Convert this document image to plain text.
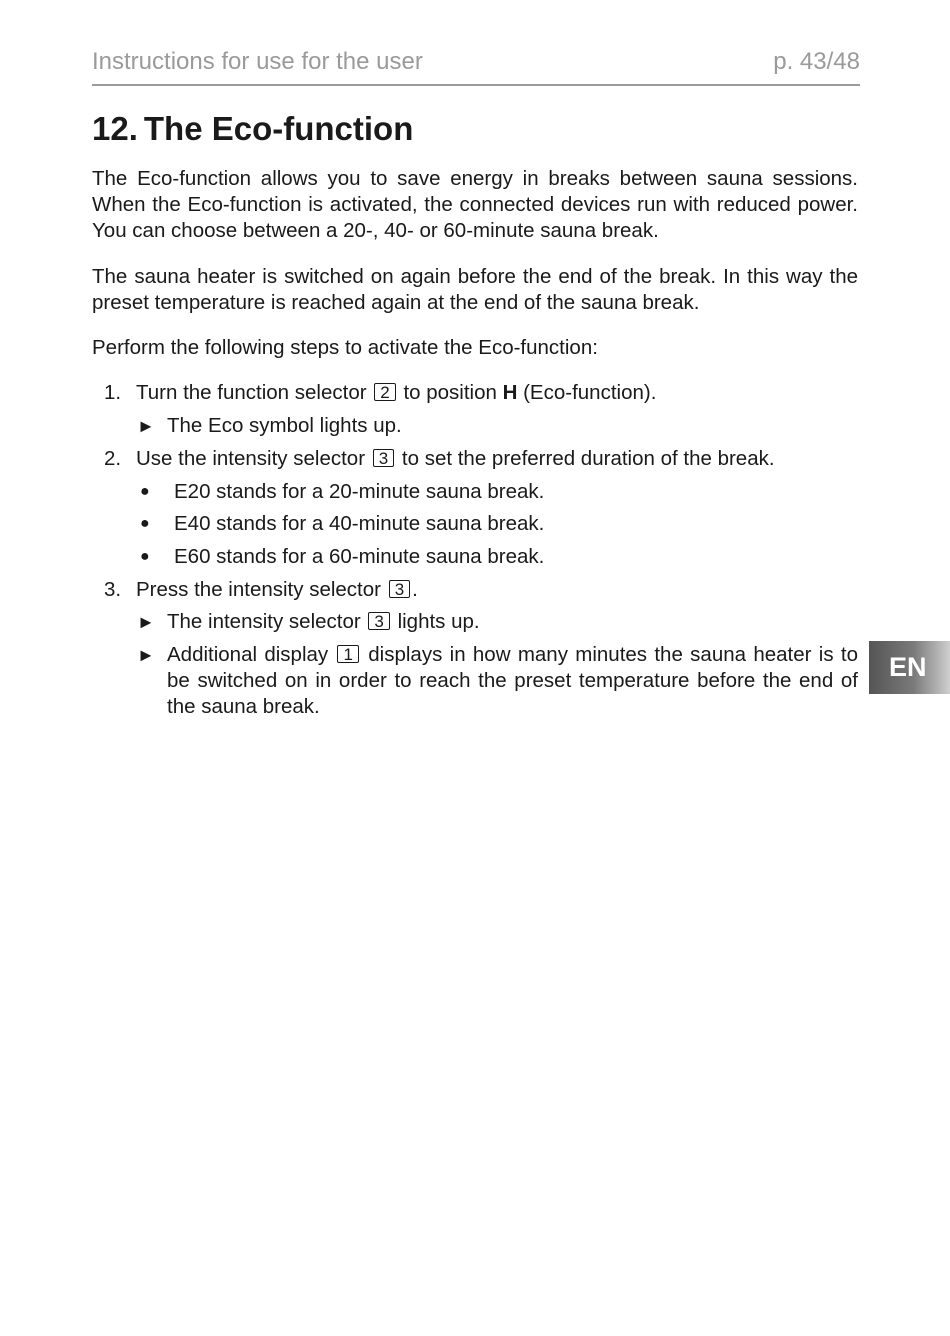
Instructions for use for the user	p. 43/48
12. The Eco-function

The Eco-function allows you to save energy in breaks between sauna sessions. When the Eco-function is activated, the connected devices run with reduced power. You can choose between a 20-, 40- or 60-minute sauna break.

The sauna heater is switched on again before the end of the break. In this way the preset temperature is reached again at the end of the sauna break.

Perform the following steps to activate the Eco-function:

1. Turn the function selector 2 to position H (Eco-function).
► The Eco symbol lights up.
2. Use the intensity selector 3 to set the preferred duration of the break.
● E20 stands for a 20-minute sauna break.
● E40 stands for a 40-minute sauna break.
● E60 stands for a 60-minute sauna break.
3. Press the intensity selector 3 .
► The intensity selector 3 lights up.
► Additional display 1 displays in how many minutes the sauna heater is to be switched on in order to reach the preset temperature before the end of the sauna break.
EN
